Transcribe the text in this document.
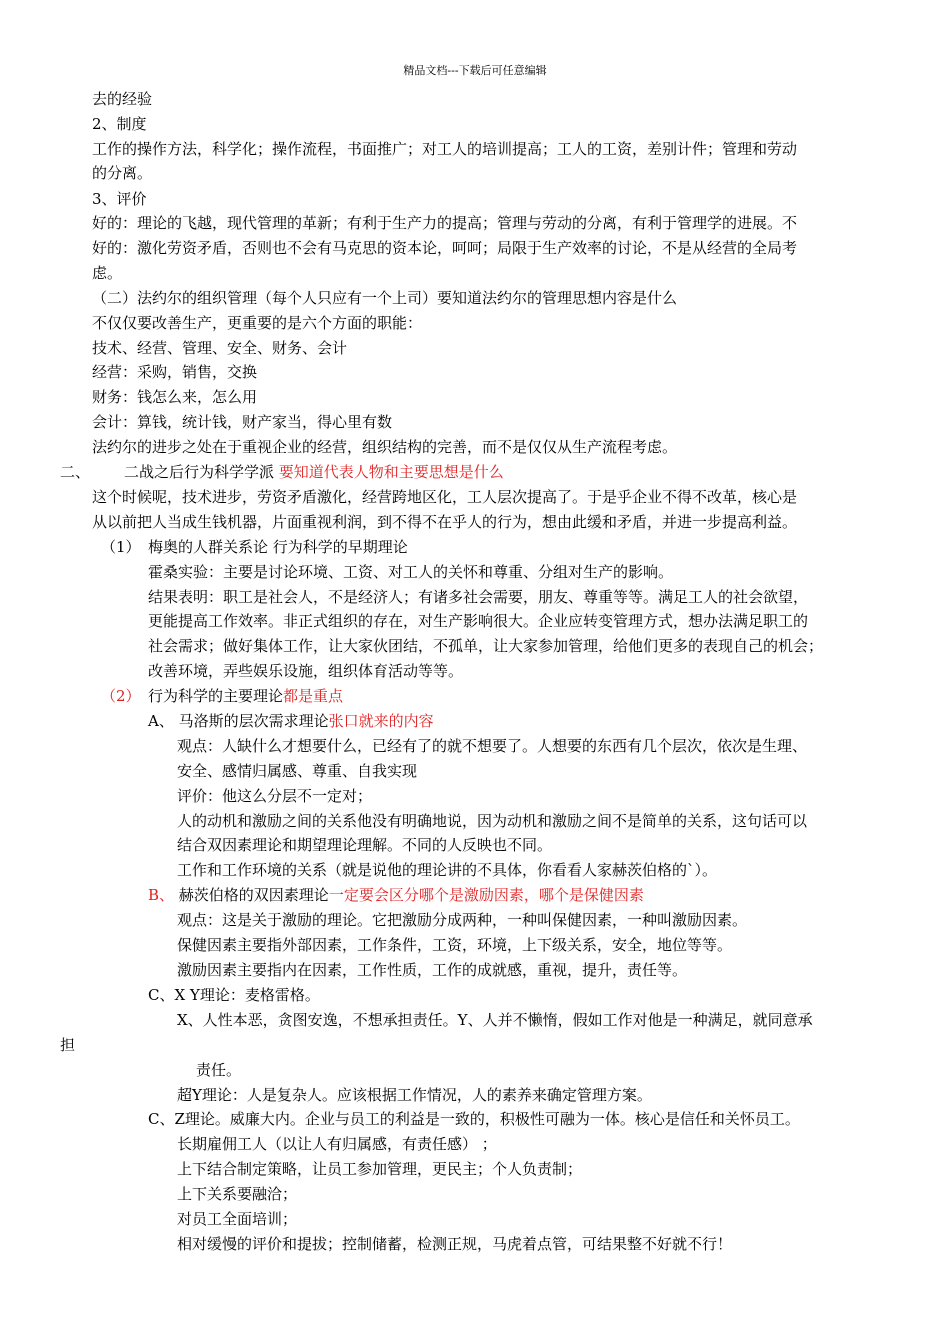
精品文档---下载后可任意编辑
去的经验
2、制度
工作的操作方法，科学化；操作流程，书面推广；对工人的培训提高；工人的工资，差别计件；管理和劳动
的分离。
3、评价
好的：理论的飞越，现代管理的革新；有利于生产力的提高；管理与劳动的分离，有利于管理学的进展。不
好的：激化劳资矛盾，否则也不会有马克思的资本论，呵呵；局限于生产效率的讨论，不是从经营的全局考
虑。
（二）法约尔的组织管理（每个人只应有一个上司）要知道法约尔的管理思想内容是什么
不仅仅要改善生产，更重要的是六个方面的职能：
技术、经营、管理、安全、财务、会计
经营：采购，销售，交换
财务：钱怎么来，怎么用
会计：算钱，统计钱，财产家当，得心里有数
法约尔的进步之处在于重视企业的经营，组织结构的完善，而不是仅仅从生产流程考虑。
二、 二战之后行为科学学派 要知道代表人物和主要思想是什么
这个时候呢，技术进步，劳资矛盾激化，经营跨地区化，工人层次提高了。于是乎企业不得不改革，核心是
从以前把人当成生钱机器，片面重视利润，到不得不在乎人的行为，想由此缓和矛盾，并进一步提高利益。
（1） 梅奥的人群关系论 行为科学的早期理论
霍桑实验：主要是讨论环境、工资、对工人的关怀和尊重、分组对生产的影响。
结果表明：职工是社会人，不是经济人；有诸多社会需要，朋友、尊重等等。满足工人的社会欲望，
更能提高工作效率。非正式组织的存在，对生产影响很大。企业应转变管理方式，想办法满足职工的
社会需求；做好集体工作，让大家伙团结，不孤单，让大家参加管理，给他们更多的表现自己的机会；
改善环境，弄些娱乐设施，组织体育活动等等。
（2） 行为科学的主要理论都是重点
A、 马洛斯的层次需求理论张口就来的内容
观点：人缺什么才想要什么，已经有了的就不想要了。人想要的东西有几个层次，依次是生理、
安全、感情归属感、尊重、自我实现
评价：他这么分层不一定对；
人的动机和激励之间的关系他没有明确地说，因为动机和激励之间不是简单的关系，这句话可以
结合双因素理论和期望理论理解。不同的人反映也不同。
工作和工作环境的关系（就是说他的理论讲的不具体，你看看人家赫茨伯格的`）。
B、 赫茨伯格的双因素理论一定要会区分哪个是激励因素，哪个是保健因素
观点：这是关于激励的理论。它把激励分成两种，一种叫保健因素，一种叫激励因素。
保健因素主要指外部因素，工作条件，工资，环境，上下级关系，安全，地位等等。
激励因素主要指内在因素，工作性质，工作的成就感，重视，提升，责任等。
C、X Y理论：麦格雷格。
X、人性本恶，贪图安逸，不想承担责任。Y、人并不懒惰，假如工作对他是一种满足，就同意承
担
责任。
超Y理论：人是复杂人。应该根据工作情况，人的素养来确定管理方案。
C、Z理论。威廉大内。企业与员工的利益是一致的，积极性可融为一体。核心是信任和关怀员工。
长期雇佣工人（以让人有归属感，有责任感） ；
上下结合制定策略，让员工参加管理，更民主；个人负责制；
上下关系要融洽；
对员工全面培训；
相对缓慢的评价和提拔；控制储蓄，检测正规，马虎着点管，可结果整不好就不行！
